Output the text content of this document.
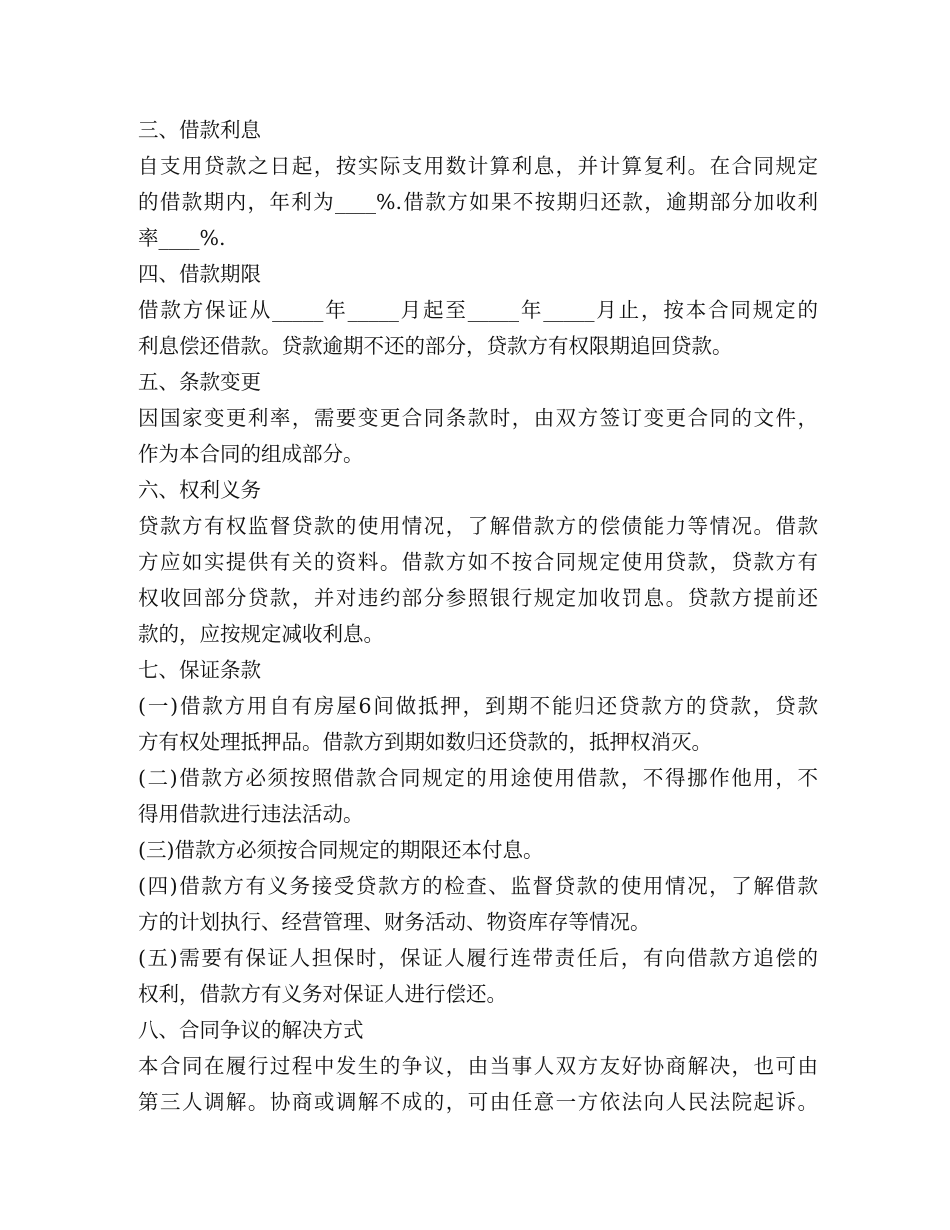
三、借款利息
自支用贷款之日起，按实际支用数计算利息，并计算复利。在合同规定
的借款期内，年利为____%.借款方如果不按期归还款，逾期部分加收利
率____%.
四、借款期限
借款方保证从_____年_____月起至_____年_____月止，按本合同规定的
利息偿还借款。贷款逾期不还的部分，贷款方有权限期追回贷款。
五、条款变更
因国家变更利率，需要变更合同条款时，由双方签订变更合同的文件，
作为本合同的组成部分。
六、权利义务
贷款方有权监督贷款的使用情况，了解借款方的偿债能力等情况。借款
方应如实提供有关的资料。借款方如不按合同规定使用贷款，贷款方有
权收回部分贷款，并对违约部分参照银行规定加收罚息。贷款方提前还
款的，应按规定减收利息。
七、保证条款
(一)借款方用自有房屋6间做抵押，到期不能归还贷款方的贷款，贷款
方有权处理抵押品。借款方到期如数归还贷款的，抵押权消灭。
(二)借款方必须按照借款合同规定的用途使用借款，不得挪作他用，不
得用借款进行违法活动。
(三)借款方必须按合同规定的期限还本付息。
(四)借款方有义务接受贷款方的检查、监督贷款的使用情况，了解借款
方的计划执行、经营管理、财务活动、物资库存等情况。
(五)需要有保证人担保时，保证人履行连带责任后，有向借款方追偿的
权利，借款方有义务对保证人进行偿还。
八、合同争议的解决方式
本合同在履行过程中发生的争议，由当事人双方友好协商解决，也可由
第三人调解。协商或调解不成的，可由任意一方依法向人民法院起诉。
